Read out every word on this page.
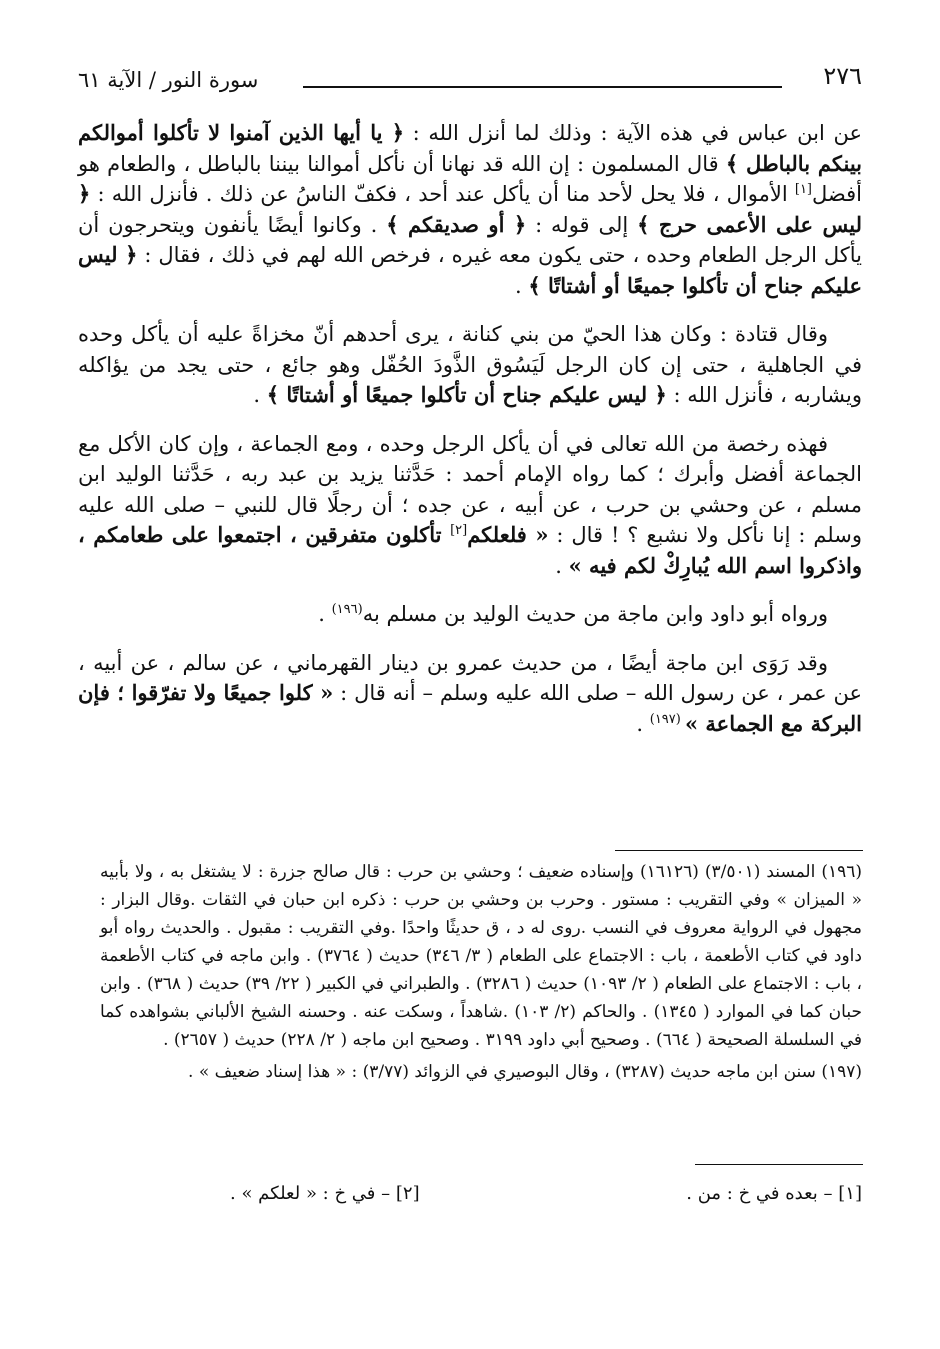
٢٧٦
سورة النور / الآية ٦١

عن ابن عباس في هذه الآية : وذلك لما أنزل الله : ﴿ يا أيها الذين آمنوا لا تأكلوا أموالكم بينكم بالباطل ﴾ قال المسلمون : إن الله قد نهانا أن نأكل أموالنا بيننا بالباطل ، والطعام هو أفضل[١] الأموال ، فلا يحل لأحد منا أن يأكل عند أحد ، فكفّ الناسُ عن ذلك . فأنزل الله : ﴿ ليس على الأعمى حرج ﴾ إلى قوله : ﴿ أو صديقكم ﴾ . وكانوا أيضًا يأنفون ويتحرجون أن يأكل الرجل الطعام وحده ، حتى يكون معه غيره ، فرخص الله لهم في ذلك ، فقال : ﴿ ليس عليكم جناح أن تأكلوا جميعًا أو أشتاتًا ﴾ .

وقال قتادة : وكان هذا الحيّ من بني كنانة ، يرى أحدهم أنّ مخزاةً عليه أن يأكل وحده في الجاهلية ، حتى إن كان الرجل لَيَسُوق الذَّودَ الحُفّل وهو جائع ، حتى يجد من يؤاكله ويشاربه ، فأنزل الله : ﴿ ليس عليكم جناح أن تأكلوا جميعًا أو أشتاتًا ﴾ .

فهذه رخصة من الله تعالى في أن يأكل الرجل وحده ، ومع الجماعة ، وإن كان الأكل مع الجماعة أفضل وأبرك ؛ كما رواه الإمام أحمد : حَدَّثنا يزيد بن عبد ربه ، حَدَّثنا الوليد ابن مسلم ، عن وحشي بن حرب ، عن أبيه ، عن جده ؛ أن رجلًا قال للنبي – صلى الله عليه وسلم : إنا نأكل ولا نشبع ؟ ! قال : « فلعلكم[٢] تأكلون متفرقين ، اجتمعوا على طعامكم ، واذكروا اسم الله يُبارِكْ لكم فيه » .

ورواه أبو داود وابن ماجة من حديث الوليد بن مسلم به$^{(١٩٦)}$ .

وقد رَوَى ابن ماجة أيضًا ، من حديث عمرو بن دينار القهرماني ، عن سالم ، عن أبيه ، عن عمر ، عن رسول الله – صلى الله عليه وسلم – أنه قال : « كلوا جميعًا ولا تفرّقوا ؛ فإن البركة مع الجماعة » $^{(١٩٧)}$ .

(١٩٦) المسند (٣/٥٠١) (١٦١٢٦) وإسناده ضعيف ؛ وحشي بن حرب : قال صالح جزرة : لا يشتغل به ، ولا بأبيه « الميزان » وفي التقريب : مستور . وحرب بن وحشي بن حرب : ذكره ابن حبان في الثقات .وقال البزار : مجهول في الرواية معروف في النسب .روى له د ، ق حديثًا واحدًا .وفي التقريب : مقبول . والحديث رواه أبو داود في كتاب الأطعمة ، باب : الاجتماع على الطعام ( ٣/ ٣٤٦) حديث ( ٣٧٦٤) . وابن ماجه في كتاب الأطعمة ، باب : الاجتماع على الطعام ( ٢/ ١٠٩٣) حديث ( ٣٢٨٦) . والطبراني في الكبير ( ٢٢/ ٣٩) حديث ( ٣٦٨) . وابن حبان كما في الموارد ( ١٣٤٥) . والحاكم (٢/ ١٠٣) .شاهداً ، وسكت عنه . وحسنه الشيخ الألباني بشواهده كما في السلسلة الصحيحة ( ٦٦٤) . وصحيح أبي داود ٣١٩٩ . وصحيح ابن ماجه ( ٢/ ٢٢٨) حديث ( ٢٦٥٧) .

(١٩٧) سنن ابن ماجه حديث (٣٢٨٧) ، وقال البوصيري في الزوائد (٣/٧٧) : « هذا إسناد ضعيف » .

[١] – بعده في خ : من .
[٢] – في خ : « لعلكم » .
